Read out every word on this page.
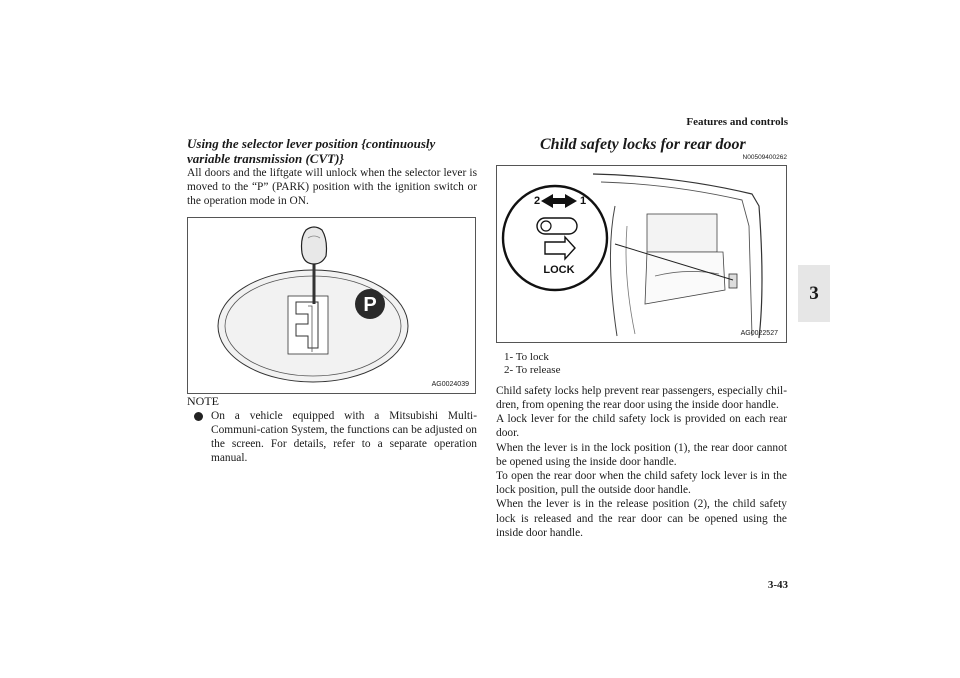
Features and controls
3
Using the selector lever position {continuously variable transmission (CVT)}
All doors and the liftgate will unlock when the selector lever is moved to the “P” (PARK) position with the ignition switch or the operation mode in ON.
P
AG0024039
NOTE
On a vehicle equipped with a Mitsubishi Multi-Communi-cation System, the functions can be adjusted on the screen. For details, refer to a separate operation manual.
Child safety locks for rear door
N00509400262
2	1
LOCK
AG0022527
1- To lock
2- To release
Child safety locks help prevent rear passengers, especially chil-dren, from opening the rear door using the inside door handle.
A lock lever for the child safety lock is provided on each rear door.
When the lever is in the lock position (1), the rear door cannot be opened using the inside door handle.
To open the rear door when the child safety lock lever is in the lock position, pull the outside door handle.
When the lever is in the release position (2), the child safety lock is released and the rear door can be opened using the inside door handle.
3-43
